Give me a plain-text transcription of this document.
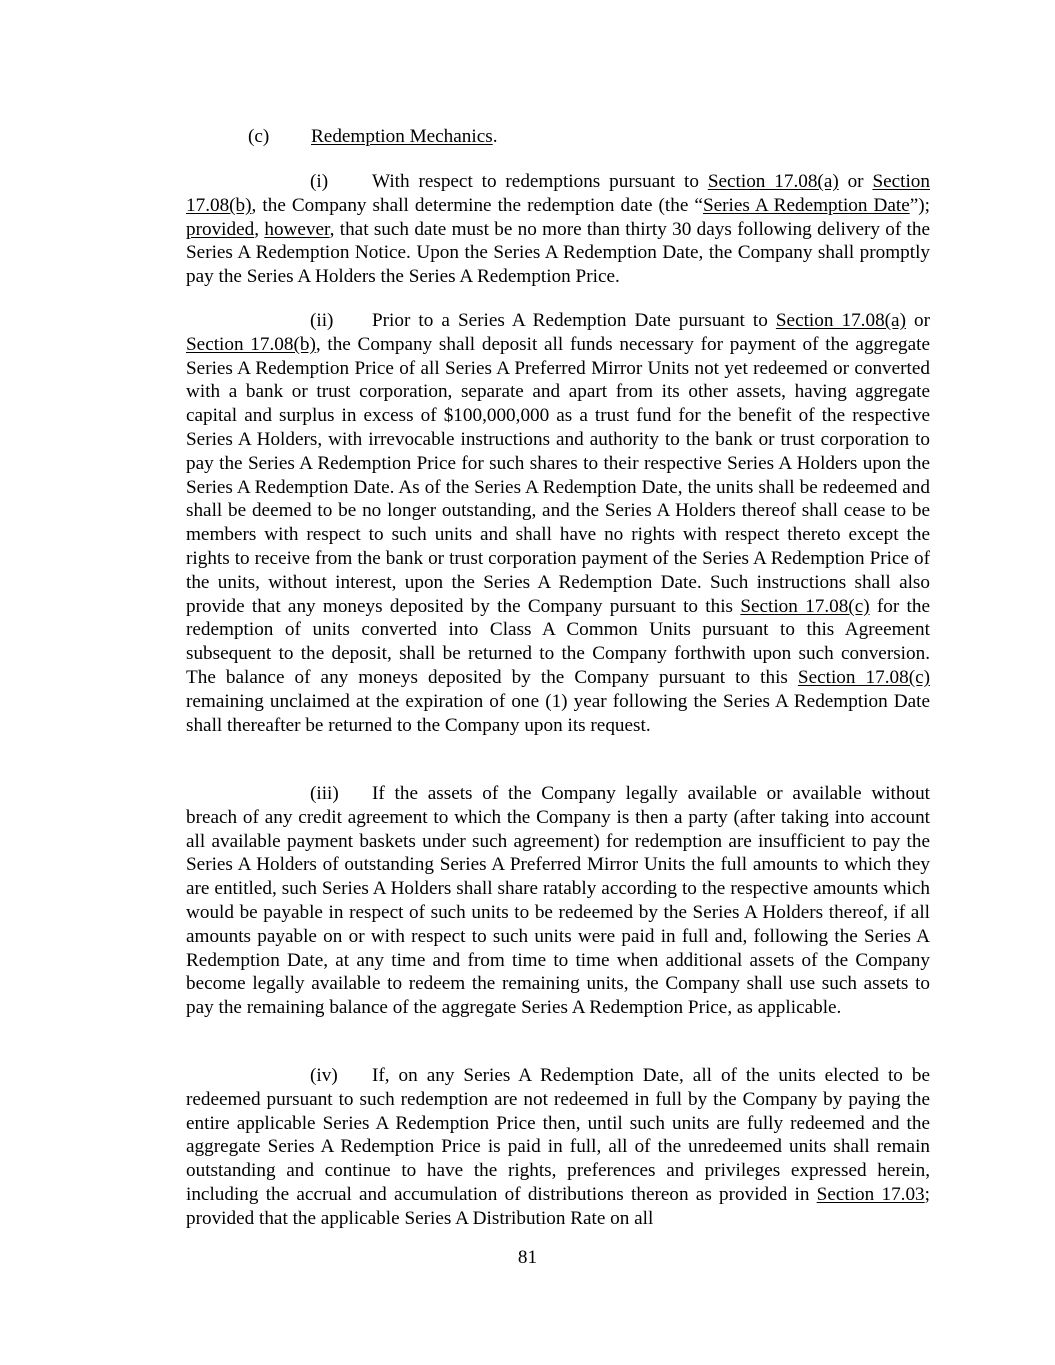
(c) Redemption Mechanics.

(i) With respect to redemptions pursuant to Section 17.08(a) or Section 17.08(b), the Company shall determine the redemption date (the “Series A Redemption Date”); provided, however, that such date must be no more than thirty 30 days following delivery of the Series A Redemption Notice. Upon the Series A Redemption Date, the Company shall promptly pay the Series A Holders the Series A Redemption Price.

(ii) Prior to a Series A Redemption Date pursuant to Section 17.08(a) or Section 17.08(b), the Company shall deposit all funds necessary for payment of the aggregate Series A Redemption Price of all Series A Preferred Mirror Units not yet redeemed or converted with a bank or trust corporation, separate and apart from its other assets, having aggregate capital and surplus in excess of $100,000,000 as a trust fund for the benefit of the respective Series A Holders, with irrevocable instructions and authority to the bank or trust corporation to pay the Series A Redemption Price for such shares to their respective Series A Holders upon the Series A Redemption Date. As of the Series A Redemption Date, the units shall be redeemed and shall be deemed to be no longer outstanding, and the Series A Holders thereof shall cease to be members with respect to such units and shall have no rights with respect thereto except the rights to receive from the bank or trust corporation payment of the Series A Redemption Price of the units, without interest, upon the Series A Redemption Date. Such instructions shall also provide that any moneys deposited by the Company pursuant to this Section 17.08(c) for the redemption of units converted into Class A Common Units pursuant to this Agreement subsequent to the deposit, shall be returned to the Company forthwith upon such conversion. The balance of any moneys deposited by the Company pursuant to this Section 17.08(c) remaining unclaimed at the expiration of one (1) year following the Series A Redemption Date shall thereafter be returned to the Company upon its request.

(iii) If the assets of the Company legally available or available without breach of any credit agreement to which the Company is then a party (after taking into account all available payment baskets under such agreement) for redemption are insufficient to pay the Series A Holders of outstanding Series A Preferred Mirror Units the full amounts to which they are entitled, such Series A Holders shall share ratably according to the respective amounts which would be payable in respect of such units to be redeemed by the Series A Holders thereof, if all amounts payable on or with respect to such units were paid in full and, following the Series A Redemption Date, at any time and from time to time when additional assets of the Company become legally available to redeem the remaining units, the Company shall use such assets to pay the remaining balance of the aggregate Series A Redemption Price, as applicable.

(iv) If, on any Series A Redemption Date, all of the units elected to be redeemed pursuant to such redemption are not redeemed in full by the Company by paying the entire applicable Series A Redemption Price then, until such units are fully redeemed and the aggregate Series A Redemption Price is paid in full, all of the unredeemed units shall remain outstanding and continue to have the rights, preferences and privileges expressed herein, including the accrual and accumulation of distributions thereon as provided in Section 17.03; provided that the applicable Series A Distribution Rate on all

81
